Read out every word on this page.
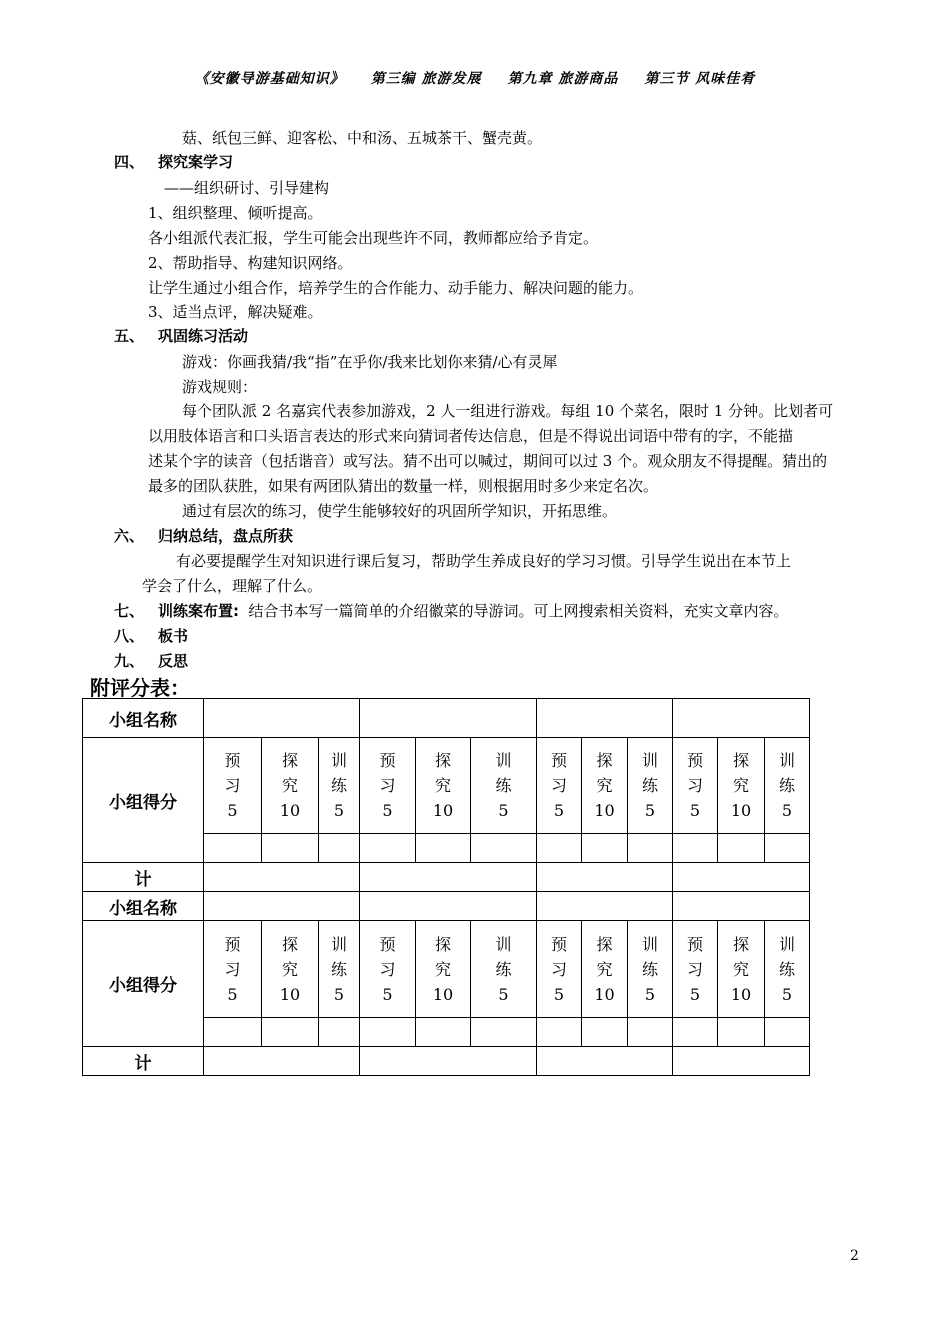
《安徽导游基础知识》 第三编 旅游发展 第九章 旅游商品 第三节 风味佳肴
菇、纸包三鲜、迎客松、中和汤、五城茶干、蟹壳黄。
四、 探究案学习
——组织研讨、引导建构
1、组织整理、倾听提高。
各小组派代表汇报，学生可能会出现些许不同，教师都应给予肯定。
2、帮助指导、构建知识网络。
让学生通过小组合作，培养学生的合作能力、动手能力、解决问题的能力。
3、适当点评，解决疑难。
五、 巩固练习活动
游戏：你画我猜/我“指”在乎你/我来比划你来猜/心有灵犀
游戏规则：
每个团队派 2 名嘉宾代表参加游戏，2 人一组进行游戏。每组 10 个菜名，限时 1 分钟。比划者可
以用肢体语言和口头语言表达的形式来向猜词者传达信息，但是不得说出词语中带有的字，不能描
述某个字的读音（包括谐音）或写法。猜不出可以喊过，期间可以过 3 个。观众朋友不得提醒。猜出的
最多的团队获胜，如果有两团队猜出的数量一样，则根据用时多少来定名次。
通过有层次的练习，使学生能够较好的巩固所学知识，开拓思维。
六、 归纳总结，盘点所获
有必要提醒学生对知识进行课后复习，帮助学生养成良好的学习习惯。引导学生说出在本节上
学会了什么，理解了什么。
七、 训练案布置: 结合书本写一篇简单的介绍徽菜的导游词。可上网搜索相关资料，充实文章内容。
八、 板书
九、 反思
附评分表：
小组名称												
小组得分	预
习
5	探
究
10	训
练
5	预
习
5	探
究
10	训
练
5	预
习
5	探
究
10	训
练
5	预
习
5	探
究
10	训
练
5

计												
小组名称												
小组得分	预
习
5	探
究
10	训
练
5	预
习
5	探
究
10	训
练
5	预
习
5	探
究
10	训
练
5	预
习
5	探
究
10	训
练
5

计												
2
